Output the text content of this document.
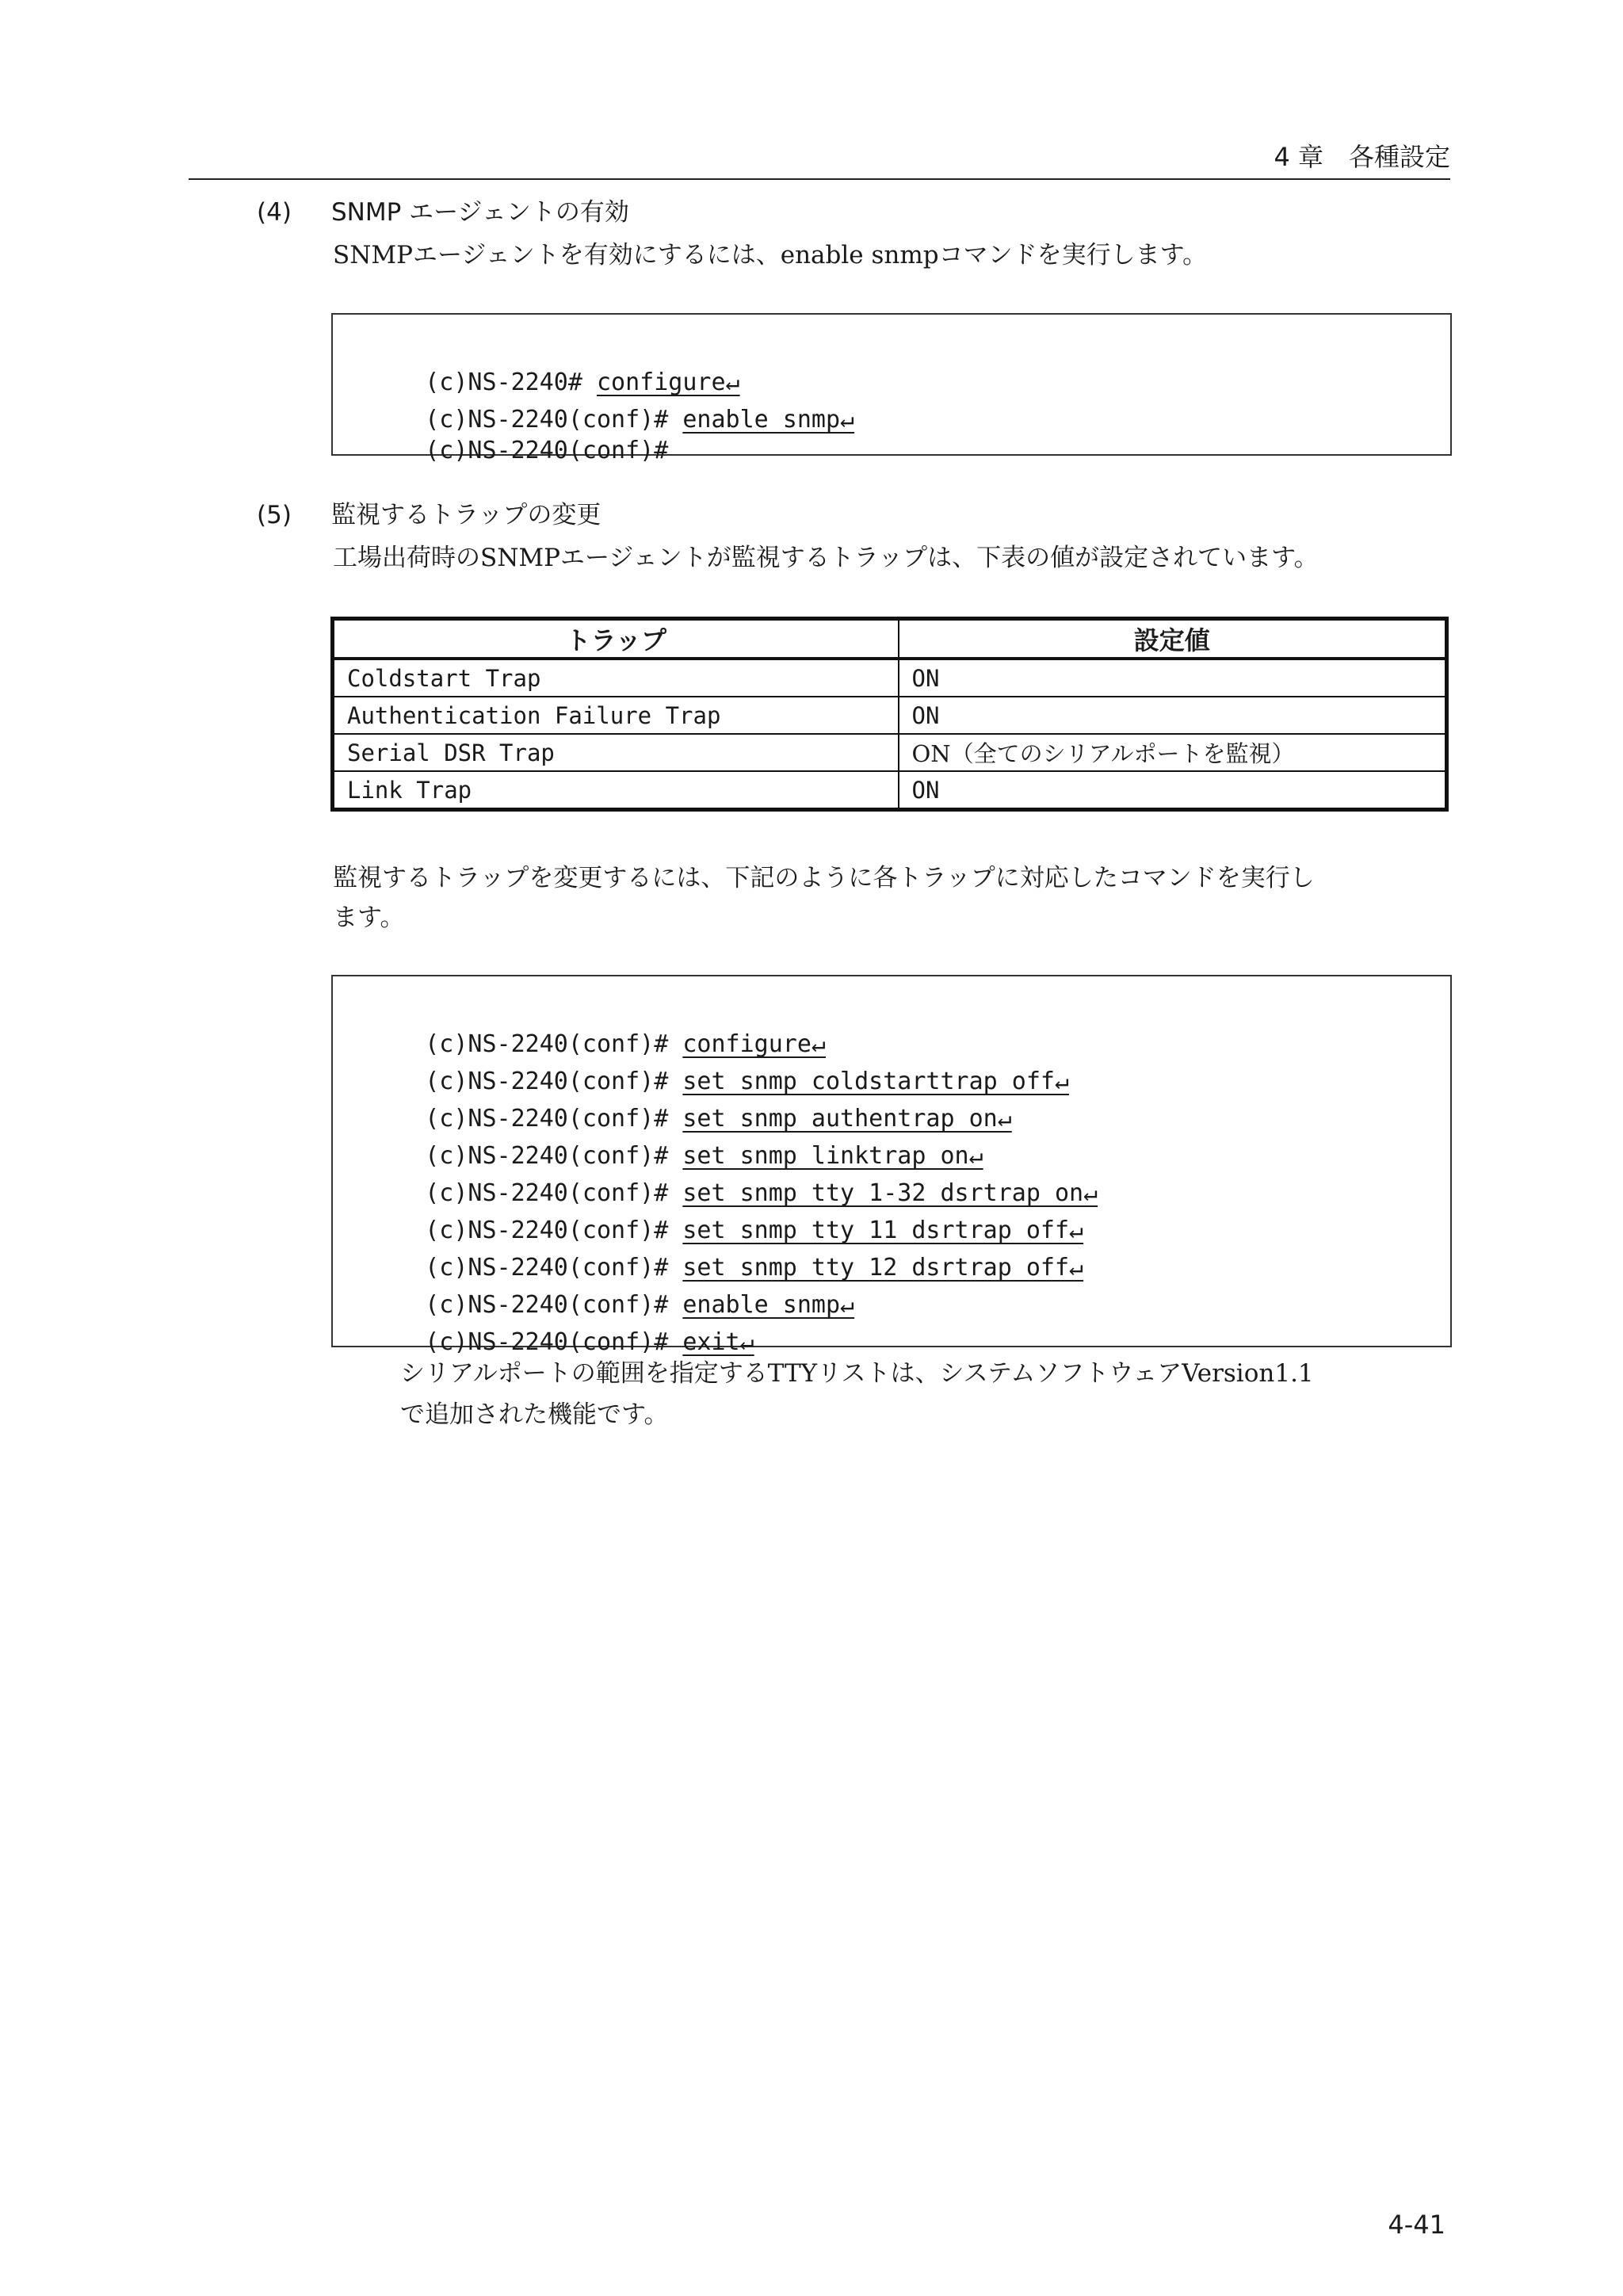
4 章　各種設定
(4) SNMP エージェントの有効
SNMPエージェントを有効にするには、enable snmpコマンドを実行します。

(c)NS-2240# configure↵

(c)NS-2240(conf)# enable snmp↵

(c)NS-2240(conf)#

(5) 監視するトラップの変更
工場出荷時のSNMPエージェントが監視するトラップは、下表の値が設定されています。
トラップ	設定値
Coldstart Trap	ON
Authentication Failure Trap	ON
Serial DSR Trap	ON（全てのシリアルポートを監視）
Link Trap	ON
監視するトラップを変更するには、下記のように各トラップに対応したコマンドを実行し
ます。

(c)NS-2240(conf)# configure↵

(c)NS-2240(conf)# set snmp coldstarttrap off↵

(c)NS-2240(conf)# set snmp authentrap on↵

(c)NS-2240(conf)# set snmp linktrap on↵

(c)NS-2240(conf)# set snmp tty 1-32 dsrtrap on↵

(c)NS-2240(conf)# set snmp tty 11 dsrtrap off↵

(c)NS-2240(conf)# set snmp tty 12 dsrtrap off↵

(c)NS-2240(conf)# enable snmp↵

(c)NS-2240(conf)# exit↵

シリアルポートの範囲を指定するTTYリストは、システムソフトウェアVersion1.1
で追加された機能です。
4-41
